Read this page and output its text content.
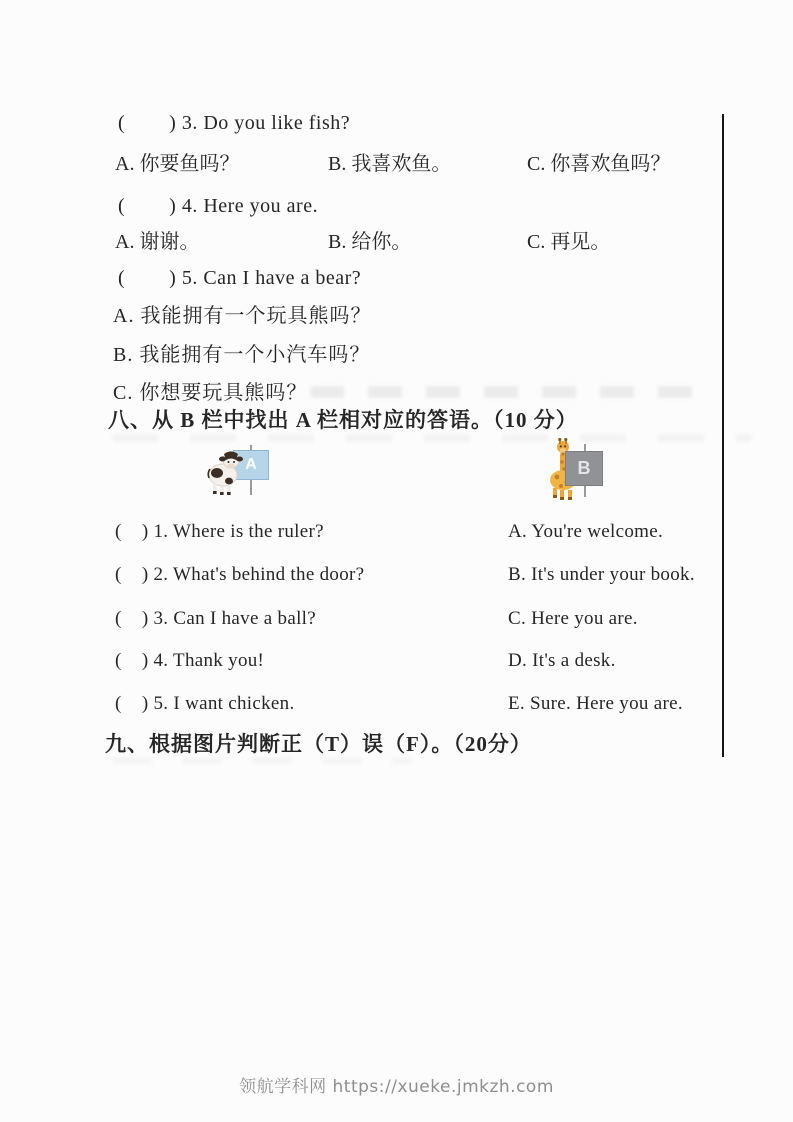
(        ) 3. Do you like fish?
A. 你要鱼吗？	B. 我喜欢鱼。	C. 你喜欢鱼吗？
(        ) 4. Here you are.
A. 谢谢。	B. 给你。	C. 再见。
(        ) 5. Can I have a bear?
A. 我能拥有一个玩具熊吗？
B. 我能拥有一个小汽车吗？
C. 你想要玩具熊吗？
八、从 B 栏中找出 A 栏相对应的答语。（10 分）
A	B
(    ) 1. Where is the ruler?	A. You're welcome.
(    ) 2. What's behind the door?	B. It's under your book.
(    ) 3. Can I have a ball?	C. Here you are.
(    ) 4. Thank you!	D. It's a desk.
(    ) 5. I want chicken.	E. Sure. Here you are.
九、根据图片判断正（T）误（F）。（20分）
领航学科网 https://xueke.jmkzh.com
